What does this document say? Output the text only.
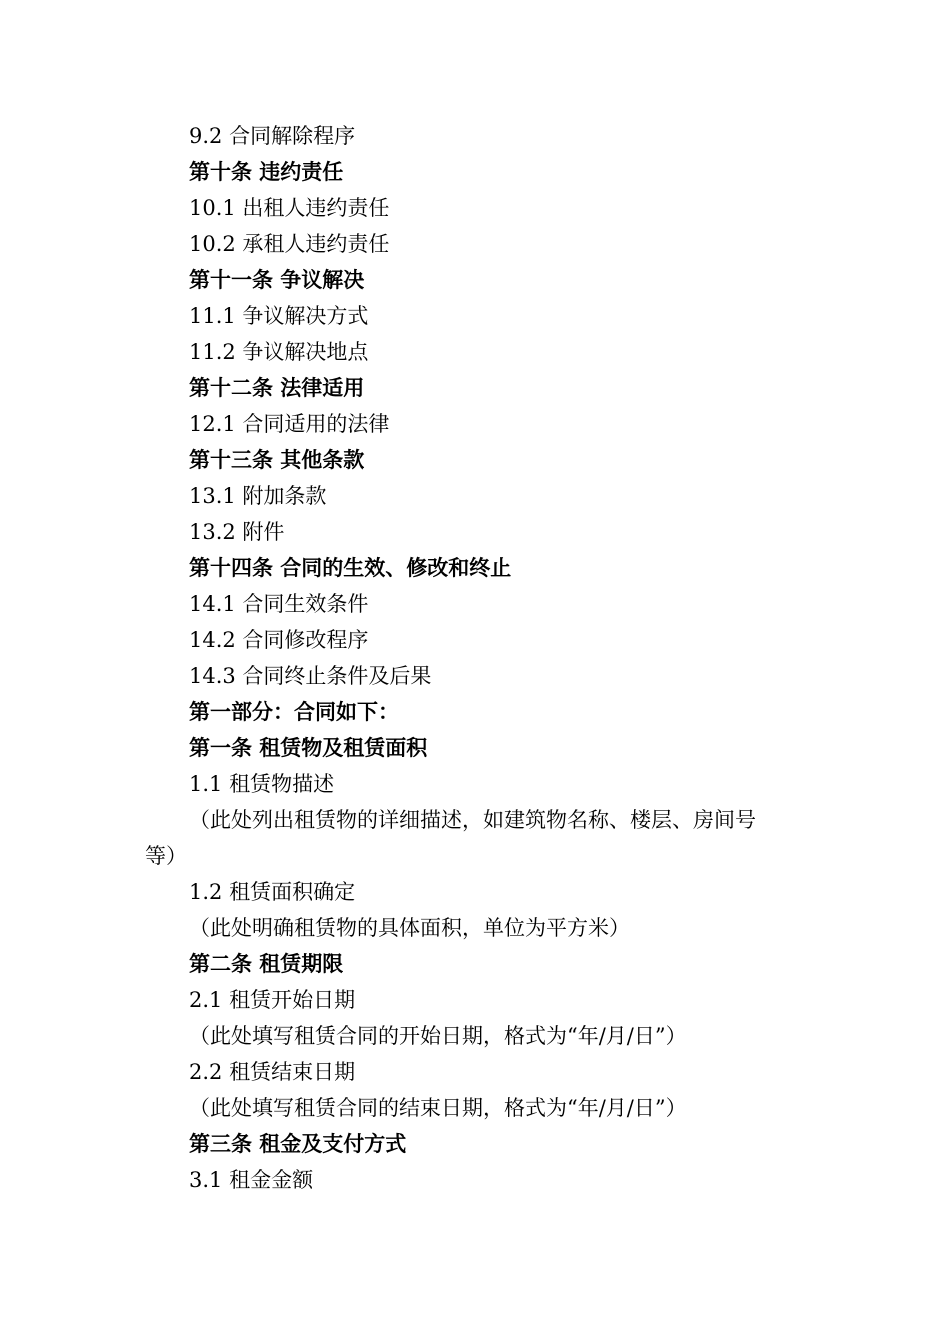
9.2 合同解除程序
第十条 违约责任
10.1 出租人违约责任
10.2 承租人违约责任
第十一条 争议解决
11.1 争议解决方式
11.2 争议解决地点
第十二条 法律适用
12.1 合同适用的法律
第十三条 其他条款
13.1 附加条款
13.2 附件
第十四条 合同的生效、修改和终止
14.1 合同生效条件
14.2 合同修改程序
14.3 合同终止条件及后果
第一部分：合同如下：
第一条 租赁物及租赁面积
1.1 租赁物描述
（此处列出租赁物的详细描述，如建筑物名称、楼层、房间号
等）
1.2 租赁面积确定
（此处明确租赁物的具体面积，单位为平方米）
第二条 租赁期限
2.1 租赁开始日期
（此处填写租赁合同的开始日期，格式为“年/月/日”）
2.2 租赁结束日期
（此处填写租赁合同的结束日期，格式为“年/月/日”）
第三条 租金及支付方式
3.1 租金金额
